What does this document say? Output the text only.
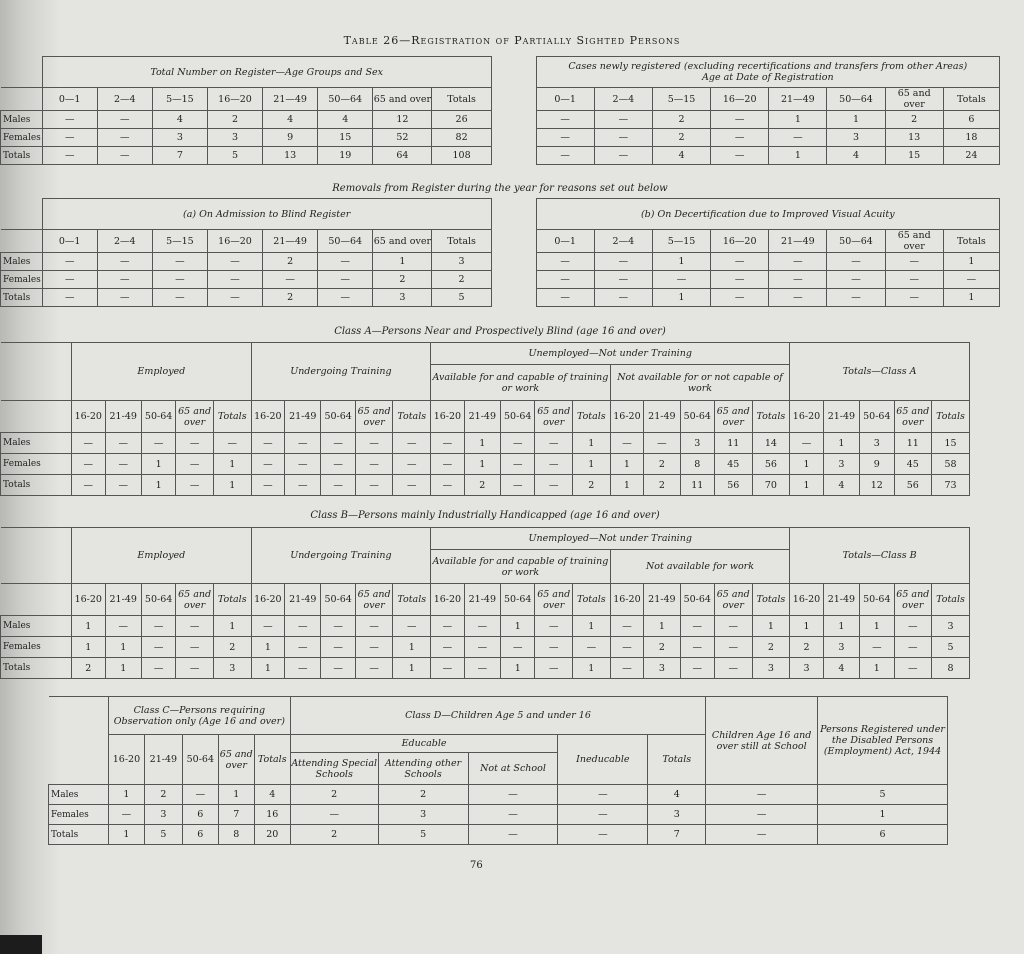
Table 26—Registration of Partially Sighted Persons
	Total Number on Register—Age Groups and Sex									Cases newly registered (excluding recertifications and transfers from other Areas)
Age at Date of Registration							
	0—1	2—4	5—15	16—20	21—49	50—64	65 and over	Totals		0—1	2—4	5—15	16—20	21—49	50—64	65 and over	Totals
Males	—	—	4	2	4	4	12	26		—	—	2	—	1	1	2	6
Females	—	—	3	3	9	15	52	82		—	—	2	—	—	3	13	18
Totals	—	—	7	5	13	19	64	108		—	—	4	—	1	4	15	24
Removals from Register during the year for reasons set out below
	(a) On Admission to Blind Register									(b) On Decertification due to Improved Visual Acuity							
	0—1	2—4	5—15	16—20	21—49	50—64	65 and over	Totals		0—1	2—4	5—15	16—20	21—49	50—64	65 and over	Totals
Males	—	—	—	—	2	—	1	3		—	—	1	—	—	—	—	1
Females	—	—	—	—	—	—	2	2		—	—	—	—	—	—	—	—
Totals	—	—	—	—	2	—	3	5		—	—	1	—	—	—	—	1
Class A—Persons Near and Prospectively Blind (age 16 and over)
	Employed					Undergoing Training					Unemployed—Not under Training										Totals—Class A				
											Available for and capable of training or work					Not available for or not capable of work									
	16-20	21-49	50-64	65 and over	Totals	16-20	21-49	50-64	65 and over	Totals	16-20	21-49	50-64	65 and over	Totals	16-20	21-49	50-64	65 and over	Totals	16-20	21-49	50-64	65 and over	Totals
Males	—	—	—	—	—	—	—	—	—	—	—	1	—	—	1	—	—	3	11	14	—	1	3	11	15
Females	—	—	1	—	1	—	—	—	—	—	—	1	—	—	1	1	2	8	45	56	1	3	9	45	58
Totals	—	—	1	—	1	—	—	—	—	—	—	2	—	—	2	1	2	11	56	70	1	4	12	56	73
Class B—Persons mainly Industrially Handicapped (age 16 and over)
	Employed					Undergoing Training					Unemployed—Not under Training										Totals—Class B				
											Available for and capable of training or work					Not available for work									
	16-20	21-49	50-64	65 and over	Totals	16-20	21-49	50-64	65 and over	Totals	16-20	21-49	50-64	65 and over	Totals	16-20	21-49	50-64	65 and over	Totals	16-20	21-49	50-64	65 and over	Totals
Males	1	—	—	—	1	—	—	—	—	—	—	—	1	—	1	—	1	—	—	1	1	1	1	—	3
Females	1	1	—	—	2	1	—	—	—	1	—	—	—	—	—	—	2	—	—	2	2	3	—	—	5
Totals	2	1	—	—	3	1	—	—	—	1	—	—	1	—	1	—	3	—	—	3	3	4	1	—	8
	Class C—Persons requiring Observation only (Age 16 and over)					Class D—Children Age 5 and under 16					Children Age 16 and over still at School	Persons Registered under the Disabled Persons (Employment) Act, 1944
	16-20	21-49	50-64	65 and over	Totals	Educable			Ineducable	Totals		
						Attending Special Schools	Attending other Schools	Not at School				
Males	1	2	—	1	4	2	2	—	—	4	—	5
Females	—	3	6	7	16	—	3	—	—	3	—	1
Totals	1	5	6	8	20	2	5	—	—	7	—	6
76
